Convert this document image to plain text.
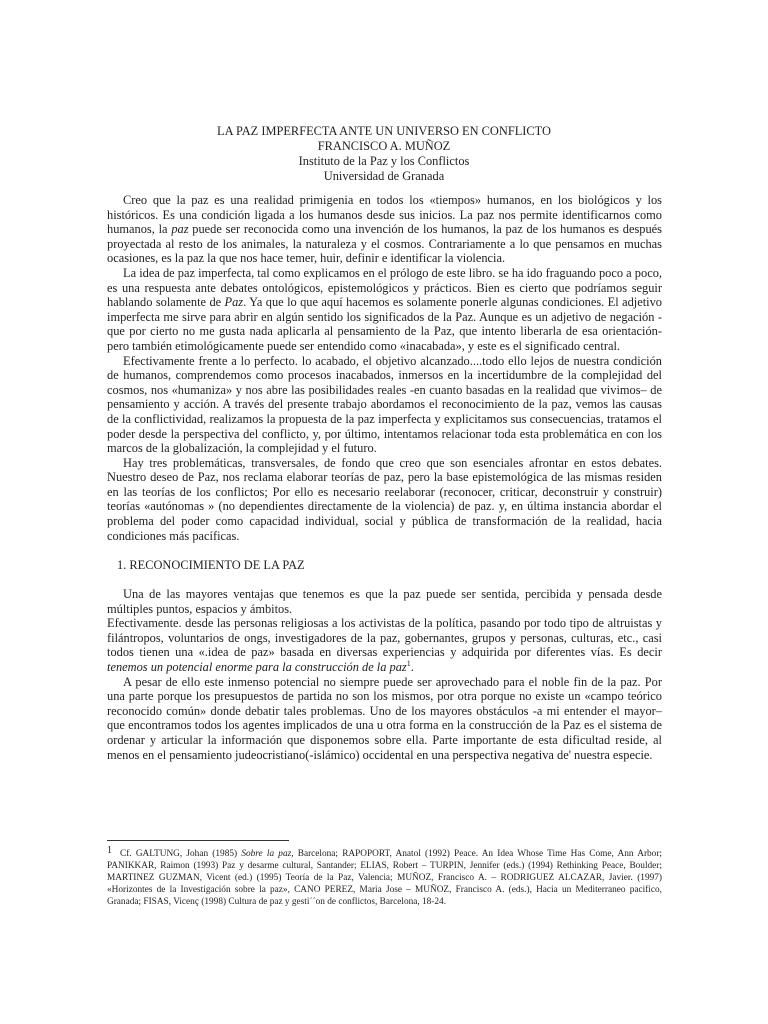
LA PAZ IMPERFECTA ANTE UN UNIVERSO EN CONFLICTO
FRANCISCO A. MUÑOZ
Instituto de la Paz y los Conflictos
Universidad de Granada

Creo que la paz es una realidad primigenia en todos los «tiempos» humanos, en los biológicos y los históricos. Es una condición ligada a los humanos desde sus inicios. La paz nos permite identificarnos como humanos, la paz puede ser reconocida como una invención de los humanos, la paz de los humanos es después proyectada al resto de los animales, la naturaleza y el cosmos. Contrariamente a lo que pensamos en muchas ocasiones, es la paz la que nos hace temer, huir, definir e identificar la violencia.

La idea de paz imperfecta, tal como explicamos en el prólogo de este libro. se ha ido fraguando poco a poco, es una respuesta ante debates ontológicos, epistemológicos y prácticos. Bien es cierto que podríamos seguir hablando solamente de Paz. Ya que lo que aquí hacemos es solamente ponerle algunas condiciones. El adjetivo imperfecta me sirve para abrir en algún sentido los significados de la Paz. Aunque es un adjetivo de negación -que por cierto no me gusta nada aplicarla al pensamiento de la Paz, que intento liberarla de esa orientación- pero también etimológicamente puede ser entendido como «inacabada», y este es el significado central.

Efectivamente frente a lo perfecto. lo acabado, el objetivo alcanzado....todo ello lejos de nuestra condición de humanos, comprendemos como procesos inacabados, inmersos en la incertidumbre de la complejidad del cosmos, nos «humaniza» y nos abre las posibilidades reales -en cuanto basadas en la realidad que vivimos– de pensamiento y acción. A través del presente trabajo abordamos el reconocimiento de la paz, vemos las causas de la conflictividad, realizamos la propuesta de la paz imperfecta y explicitamos sus consecuencias, tratamos el poder desde la perspectiva del conflicto, y, por último, intentamos relacionar toda esta problemática en con los marcos de la globalización, la complejidad y el futuro.

Hay tres problemáticas, transversales, de fondo que creo que son esenciales afrontar en estos debates. Nuestro deseo de Paz, nos reclama elaborar teorías de paz, pero la base epistemológica de las mismas residen en las teorías de los conflictos; Por ello es necesario reelaborar (reconocer, criticar, deconstruir y construir) teorías «autónomas » (no dependientes directamente de la violencia) de paz. y, en última instancia abordar el problema del poder como capacidad individual, social y pública de transformación de la realidad, hacia condiciones más pacíficas.

1. RECONOCIMIENTO DE LA PAZ

Una de las mayores ventajas que tenemos es que la paz puede ser sentida, percibida y pensada desde múltiples puntos, espacios y ámbitos.

Efectivamente. desde las personas religiosas a los activistas de la política, pasando por todo tipo de altruistas y filántropos, voluntarios de ongs, investigadores de la paz, gobernantes, grupos y personas, culturas, etc., casi todos tienen una «.idea de paz» basada en diversas experiencias y adquirida por diferentes vías. Es decir tenemos un potencial enorme para la construcción de la paz$^1$.

A pesar de ello este inmenso potencial no siempre puede ser aprovechado para el noble fin de la paz. Por una parte porque los presupuestos de partida no son los mismos, por otra porque no existe un «campo teórico reconocido común» donde debatir tales problemas. Uno de los mayores obstáculos -a mi entender el mayor– que encontramos todos los agentes implicados de una u otra forma en la construcción de la Paz es el sistema de ordenar y articular la información que disponemos sobre ella. Parte importante de esta dificultad reside, al menos en el pensamiento judeocristiano(-islámico) occidental en una perspectiva negativa de' nuestra especie.

1 Cf. GALTUNG, Johan (1985) Sobre la paz, Barcelona; RAPOPORT, Anatol (1992) Peace. An Idea Whose Time Has Come, Ann Arbor; PANIKKAR, Raimon (1993) Paz y desarme cultural, Santander; ELIAS, Robert – TURPIN, Jennifer (eds.) (1994) Rethinking Peace, Boulder; MARTINEZ GUZMAN, Vicent (ed.) (1995) Teoría de la Paz, Valencia; MUÑOZ, Francisco A. – RODRIGUEZ ALCAZAR, Javier. (1997) «Horizontes de la Investigación sobre la paz», CANO PEREZ, Maria Jose – MUÑOZ, Francisco A. (eds.), Hacia un Mediterraneo pacifico, Granada; FISAS, Vicenç (1998) Cultura de paz y gesti´´on de conflictos, Barcelona, 18-24.
